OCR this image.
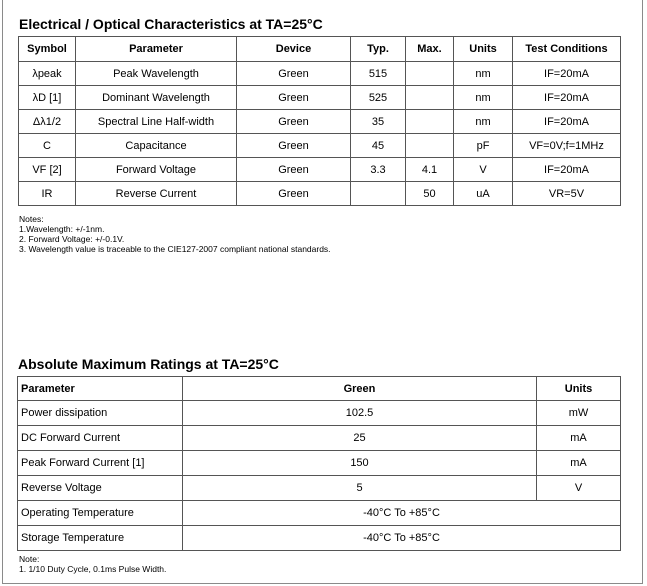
Electrical / Optical Characteristics at TA=25°C
Symbol	Parameter	Device	Typ.	Max.	Units	Test Conditions
λpeak	Peak Wavelength	Green	515		nm	IF=20mA
λD [1]	Dominant Wavelength	Green	525		nm	IF=20mA
Δλ1/2	Spectral Line Half-width	Green	35		nm	IF=20mA
C	Capacitance	Green	45		pF	VF=0V;f=1MHz
VF [2]	Forward Voltage	Green	3.3	4.1	V	IF=20mA
IR	Reverse Current	Green		50	uA	VR=5V
Notes:
1.Wavelength: +/-1nm.
2. Forward Voltage: +/-0.1V.
3. Wavelength value is traceable to the CIE127-2007 compliant national standards.
Absolute Maximum Ratings at TA=25°C
Parameter	Green	Units
Power dissipation	102.5	mW
DC Forward Current	25	mA
Peak Forward Current [1]	150	mA
Reverse Voltage	5	V
Operating Temperature	-40°C To +85°C	
Storage Temperature	-40°C To +85°C	
Note:
1. 1/10 Duty Cycle, 0.1ms Pulse Width.
